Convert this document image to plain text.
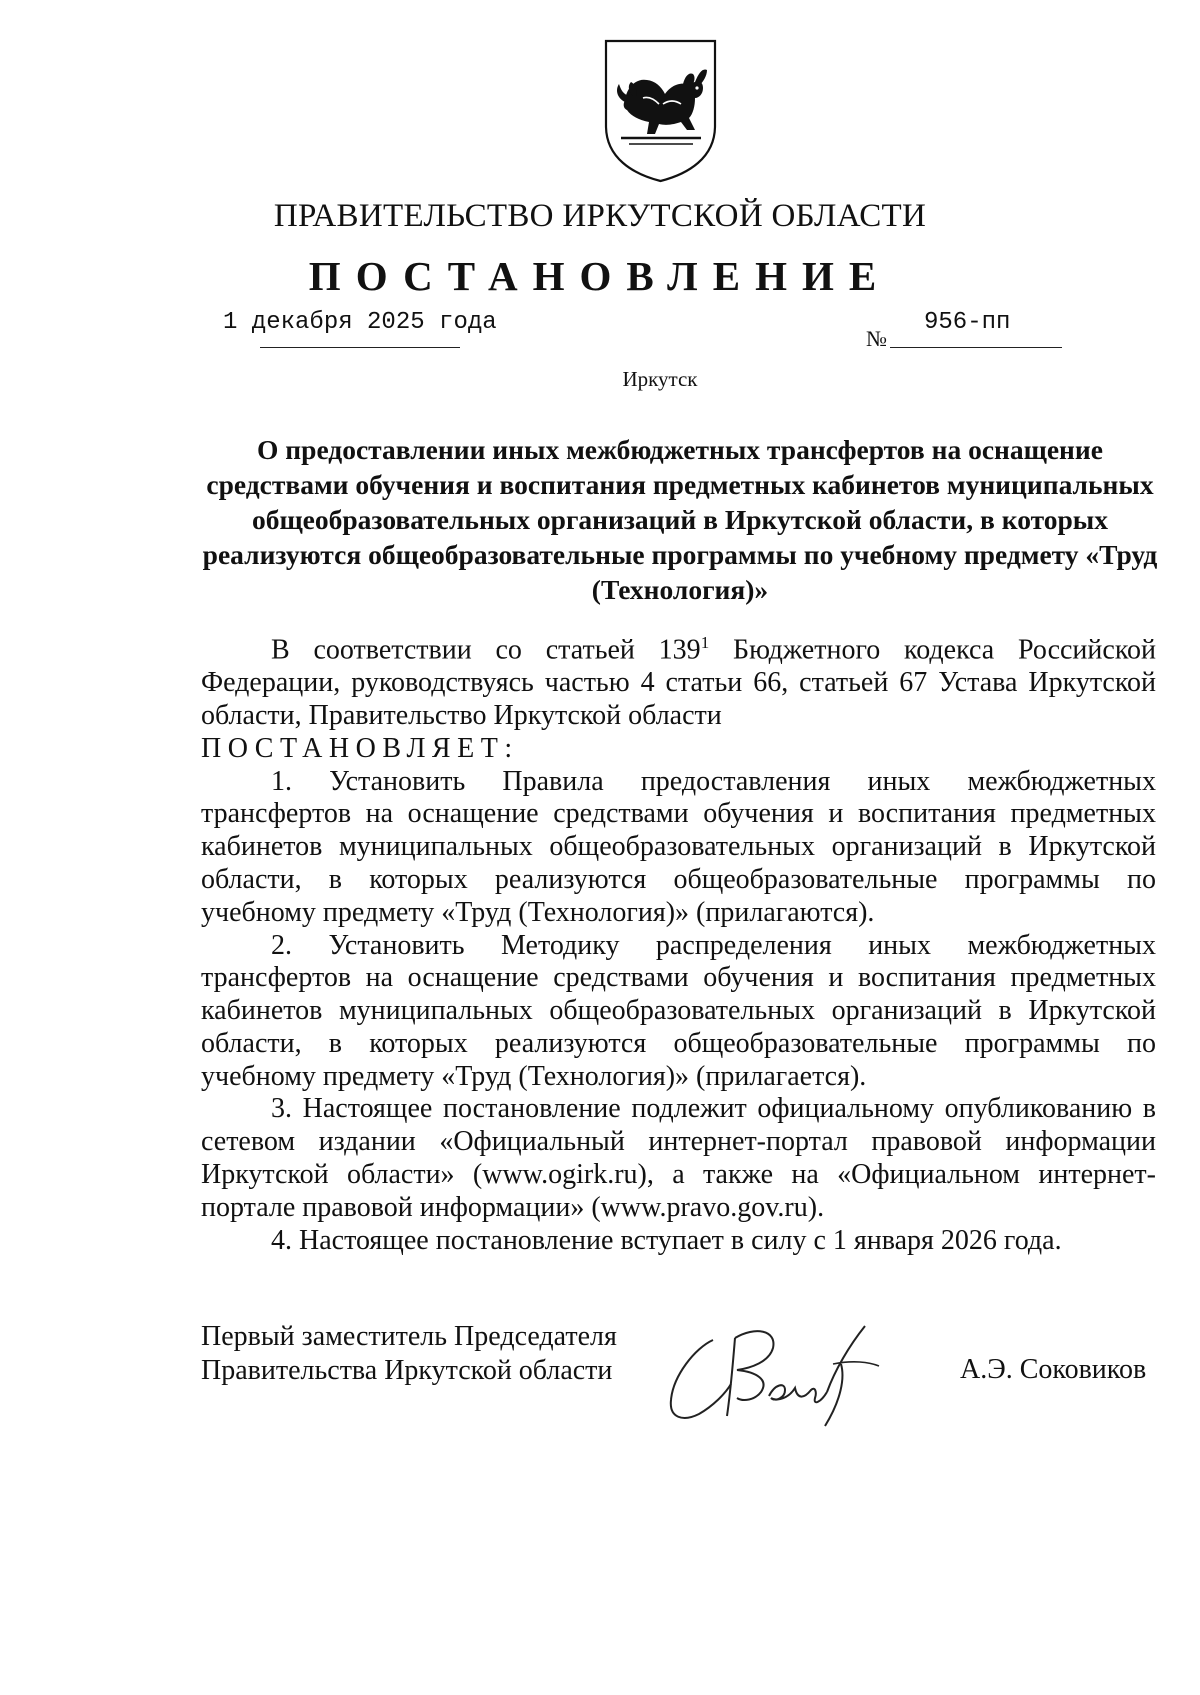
ПРАВИТЕЛЬСТВО ИРКУТСКОЙ ОБЛАСТИ
ПОСТАНОВЛЕНИЕ
1 декабря 2025 года
№
956-пп
Иркутск
О предоставлении иных межбюджетных трансфертов на оснащение средствами обучения и воспитания предметных кабинетов муниципальных общеобразовательных организаций в Иркутской области, в которых реализуются общеобразовательные программы по учебному предмету «Труд (Технология)»

В соответствии со статьей $139^1$ Бюджетного кодекса Российской Федерации, руководствуясь частью 4 статьи 66, статьей 67 Устава Иркутской области, Правительство Иркутской области

ПОСТАНОВЛЯЕТ:

1. Установить Правила предоставления иных межбюджетных трансфертов на оснащение средствами обучения и воспитания предметных кабинетов муниципальных общеобразовательных организаций в Иркутской области, в которых реализуются общеобразовательные программы по учебному предмету «Труд (Технология)» (прилагаются).

2. Установить Методику распределения иных межбюджетных трансфертов на оснащение средствами обучения и воспитания предметных кабинетов муниципальных общеобразовательных организаций в Иркутской области, в которых реализуются общеобразовательные программы по учебному предмету «Труд (Технология)» (прилагается).

3. Настоящее постановление подлежит официальному опубликованию в сетевом издании «Официальный интернет-портал правовой информации Иркутской области» (www.ogirk.ru), а также на «Официальном интернет-портале правовой информации» (www.pravo.gov.ru).

4. Настоящее постановление вступает в силу с 1 января 2026 года.

Первый заместитель Председателя
Правительства Иркутской области	А.Э. Соковиков
